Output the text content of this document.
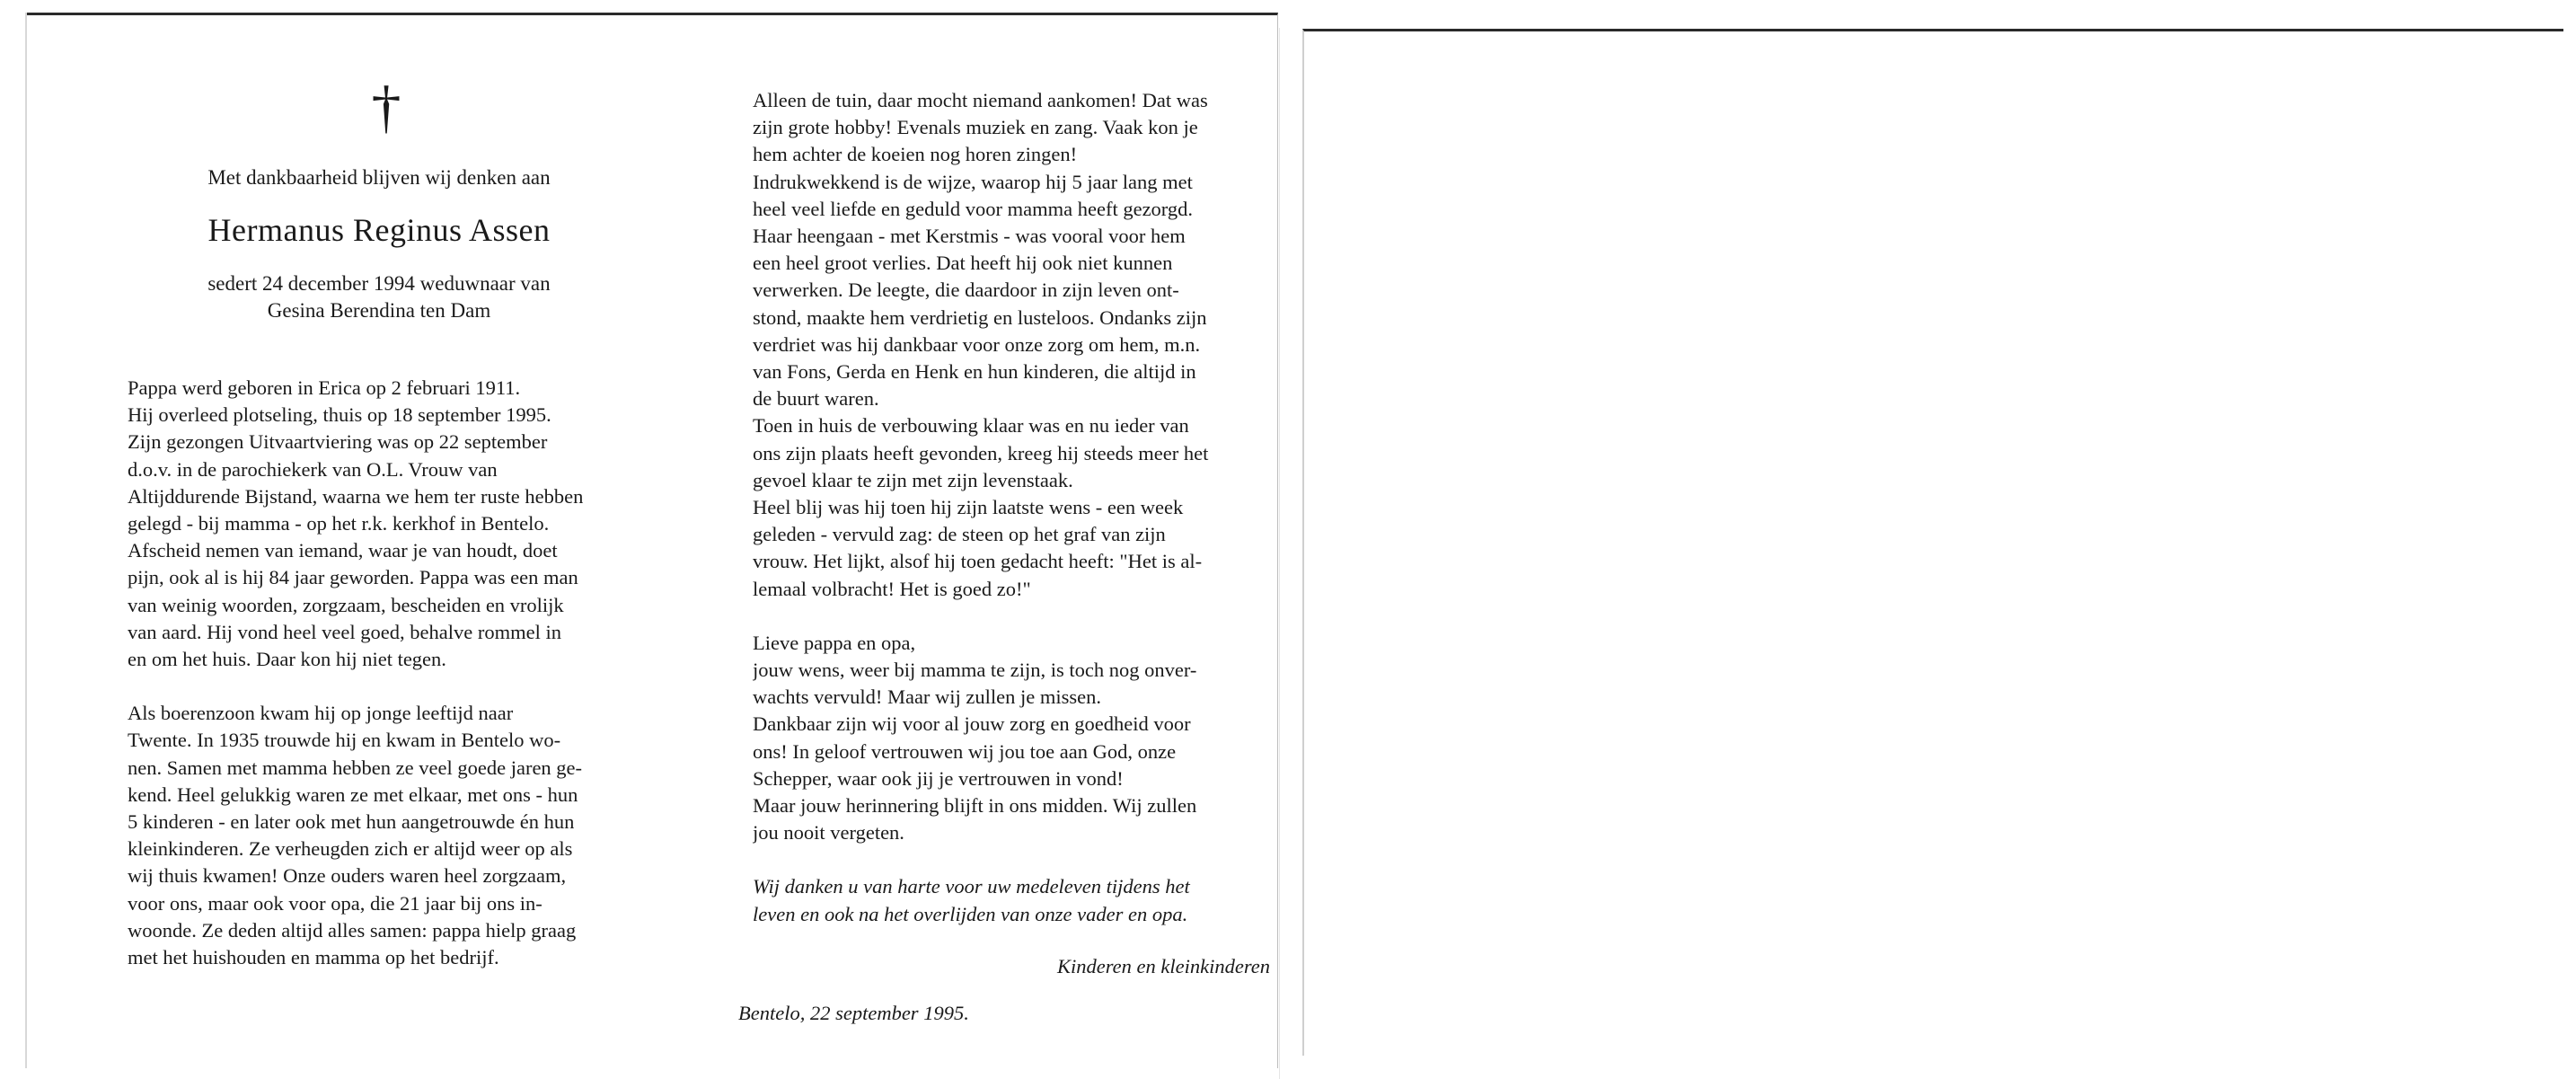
†
Met dankbaarheid blijven wij denken aan
Hermanus Reginus Assen
sedert 24 december 1994 weduwnaar van
Gesina Berendina ten Dam

Pappa werd geboren in Erica op 2 februari 1911.
Hij overleed plotseling, thuis op 18 september 1995.
Zijn gezongen Uitvaartviering was op 22 september
d.o.v. in de parochiekerk van O.L. Vrouw van
Altijddurende Bijstand, waarna we hem ter ruste hebben
gelegd - bij mamma - op het r.k. kerkhof in Bentelo.
Afscheid nemen van iemand, waar je van houdt, doet
pijn, ook al is hij 84 jaar geworden. Pappa was een man
van weinig woorden, zorgzaam, bescheiden en vrolijk
van aard. Hij vond heel veel goed, behalve rommel in
en om het huis. Daar kon hij niet tegen.

Als boerenzoon kwam hij op jonge leeftijd naar
Twente. In 1935 trouwde hij en kwam in Bentelo wo-
nen. Samen met mamma hebben ze veel goede jaren ge-
kend. Heel gelukkig waren ze met elkaar, met ons - hun
5 kinderen - en later ook met hun aangetrouwde én hun
kleinkinderen. Ze verheugden zich er altijd weer op als
wij thuis kwamen! Onze ouders waren heel zorgzaam,
voor ons, maar ook voor opa, die 21 jaar bij ons in-
woonde. Ze deden altijd alles samen: pappa hielp graag
met het huishouden en mamma op het bedrijf.

Alleen de tuin, daar mocht niemand aankomen! Dat was
zijn grote hobby! Evenals muziek en zang. Vaak kon je
hem achter de koeien nog horen zingen!
Indrukwekkend is de wijze, waarop hij 5 jaar lang met
heel veel liefde en geduld voor mamma heeft gezorgd.
Haar heengaan - met Kerstmis - was vooral voor hem
een heel groot verlies. Dat heeft hij ook niet kunnen
verwerken. De leegte, die daardoor in zijn leven ont-
stond, maakte hem verdrietig en lusteloos. Ondanks zijn
verdriet was hij dankbaar voor onze zorg om hem, m.n.
van Fons, Gerda en Henk en hun kinderen, die altijd in
de buurt waren.
Toen in huis de verbouwing klaar was en nu ieder van
ons zijn plaats heeft gevonden, kreeg hij steeds meer het
gevoel klaar te zijn met zijn levenstaak.
Heel blij was hij toen hij zijn laatste wens - een week
geleden - vervuld zag: de steen op het graf van zijn
vrouw. Het lijkt, alsof hij toen gedacht heeft: "Het is al-
lemaal volbracht! Het is goed zo!"

Lieve pappa en opa,
jouw wens, weer bij mamma te zijn, is toch nog onver-
wachts vervuld! Maar wij zullen je missen.
Dankbaar zijn wij voor al jouw zorg en goedheid voor
ons! In geloof vertrouwen wij jou toe aan God, onze
Schepper, waar ook jij je vertrouwen in vond!
Maar jouw herinnering blijft in ons midden. Wij zullen
jou nooit vergeten.

Wij danken u van harte voor uw medeleven tijdens het
leven en ook na het overlijden van onze vader en opa.

Kinderen en kleinkinderen
Bentelo, 22 september 1995.
